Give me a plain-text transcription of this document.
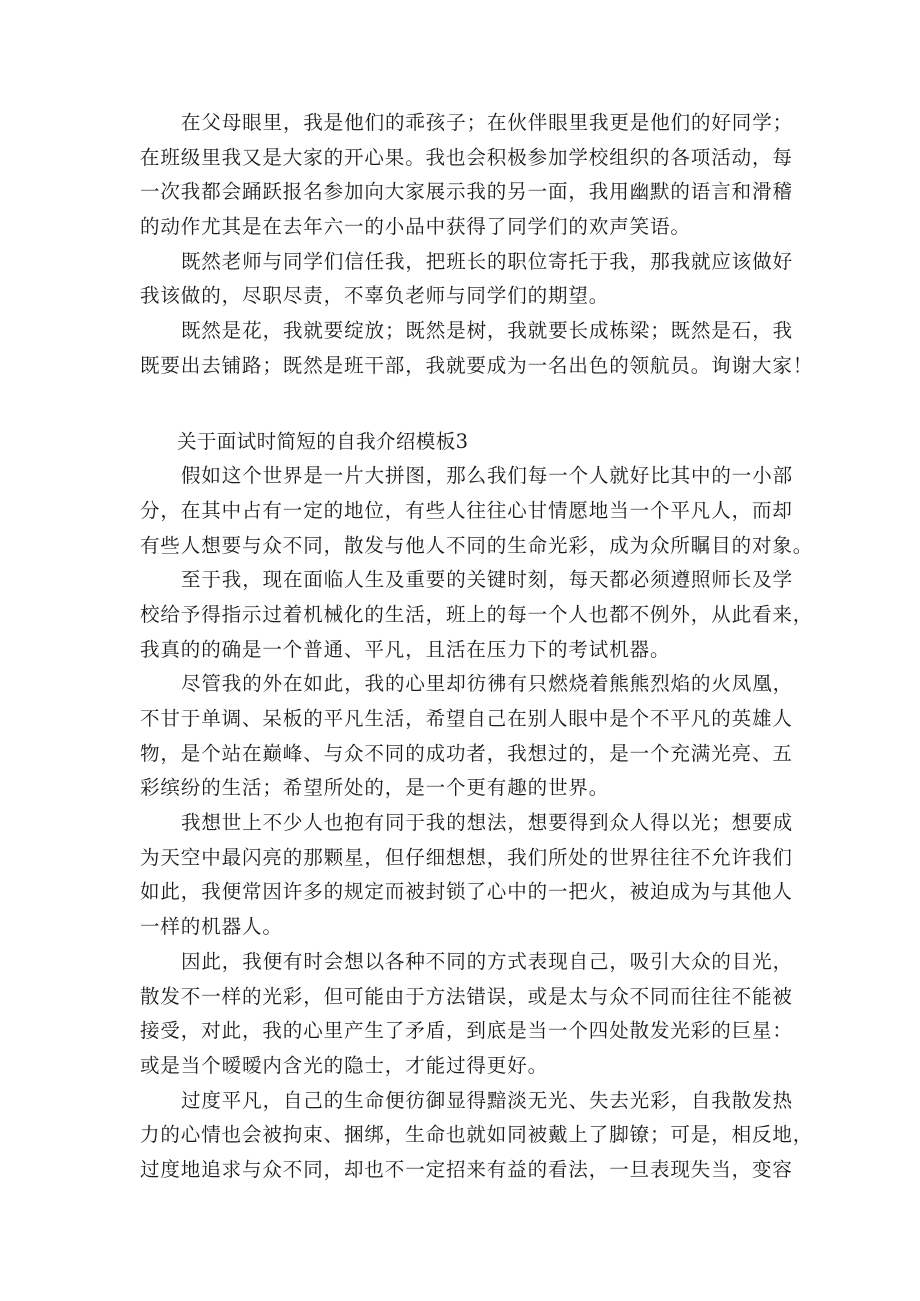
在父母眼里，我是他们的乖孩子；在伙伴眼里我更是他们的好同学；
在班级里我又是大家的开心果。我也会积极参加学校组织的各项活动，每
一次我都会踊跃报名参加向大家展示我的另一面，我用幽默的语言和滑稽
的动作尤其是在去年六一的小品中获得了同学们的欢声笑语。
既然老师与同学们信任我，把班长的职位寄托于我，那我就应该做好
我该做的，尽职尽责，不辜负老师与同学们的期望。
既然是花，我就要绽放；既然是树，我就要长成栋梁；既然是石，我
既要出去铺路；既然是班干部，我就要成为一名出色的领航员。询谢大家！
关于面试时简短的自我介绍模板3
假如这个世界是一片大拼图，那么我们每一个人就好比其中的一小部
分，在其中占有一定的地位，有些人往往心甘情愿地当一个平凡人，而却
有些人想要与众不同，散发与他人不同的生命光彩，成为众所瞩目的对象。
至于我，现在面临人生及重要的关键时刻，每天都必须遵照师长及学
校给予得指示过着机械化的生活，班上的每一个人也都不例外，从此看来，
我真的的确是一个普通、平凡，且活在压力下的考试机器。
尽管我的外在如此，我的心里却彷彿有只燃烧着熊熊烈焰的火凤凰，
不甘于单调、呆板的平凡生活，希望自己在别人眼中是个不平凡的英雄人
物，是个站在巅峰、与众不同的成功者，我想过的，是一个充满光亮、五
彩缤纷的生活；希望所处的，是一个更有趣的世界。
我想世上不少人也抱有同于我的想法，想要得到众人得以光；想要成
为天空中最闪亮的那颗星，但仔细想想，我们所处的世界往往不允许我们
如此，我便常因许多的规定而被封锁了心中的一把火，被迫成为与其他人
一样的机器人。
因此，我便有时会想以各种不同的方式表现自己，吸引大众的目光，
散发不一样的光彩，但可能由于方法错误，或是太与众不同而往往不能被
接受，对此，我的心里产生了矛盾，到底是当一个四处散发光彩的巨星：
或是当个暧暧内含光的隐士，才能过得更好。
过度平凡，自己的生命便彷御显得黯淡无光、失去光彩，自我散发热
力的心情也会被拘束、捆绑，生命也就如同被戴上了脚镣；可是，相反地，
过度地追求与众不同，却也不一定招来有益的看法，一旦表现失当，变容
